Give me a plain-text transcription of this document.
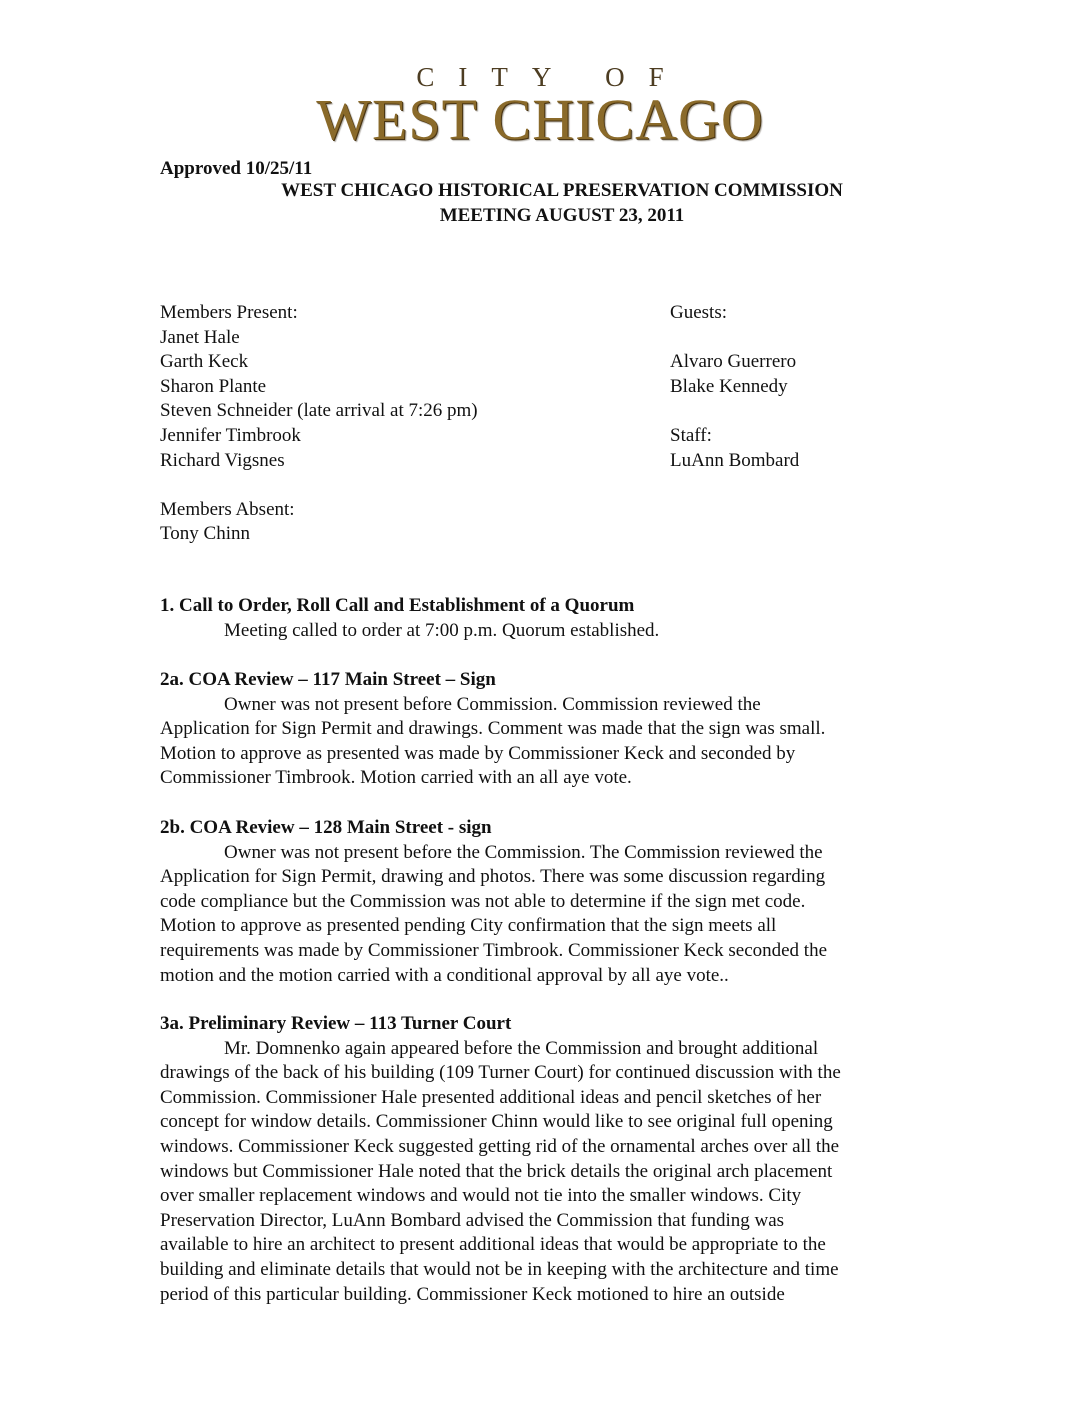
CITY OF
WEST CHICAGO
Approved 10/25/11
WEST CHICAGO HISTORICAL PRESERVATION COMMISSION
MEETING AUGUST 23, 2011
Members Present:
Janet Hale
Garth Keck
Sharon Plante
Steven Schneider (late arrival at 7:26 pm)
Jennifer Timbrook
Richard Vigsnes
Members Absent:
Tony Chinn
Guests:
Alvaro Guerrero
Blake Kennedy
Staff:
LuAnn Bombard
1. Call to Order, Roll Call and Establishment of a Quorum
Meeting called to order at 7:00 p.m. Quorum established.
2a. COA Review – 117 Main Street – Sign
Owner was not present before Commission. Commission reviewed the
Application for Sign Permit and drawings. Comment was made that the sign was small.
Motion to approve as presented was made by Commissioner Keck and seconded by
Commissioner Timbrook. Motion carried with an all aye vote.
2b. COA Review – 128 Main Street - sign
Owner was not present before the Commission. The Commission reviewed the
Application for Sign Permit, drawing and photos. There was some discussion regarding
code compliance but the Commission was not able to determine if the sign met code.
Motion to approve as presented pending City confirmation that the sign meets all
requirements was made by Commissioner Timbrook. Commissioner Keck seconded the
motion and the motion carried with a conditional approval by all aye vote..
3a. Preliminary Review – 113 Turner Court
Mr. Domnenko again appeared before the Commission and brought additional
drawings of the back of his building (109 Turner Court) for continued discussion with the
Commission. Commissioner Hale presented additional ideas and pencil sketches of her
concept for window details. Commissioner Chinn would like to see original full opening
windows. Commissioner Keck suggested getting rid of the ornamental arches over all the
windows but Commissioner Hale noted that the brick details the original arch placement
over smaller replacement windows and would not tie into the smaller windows. City
Preservation Director, LuAnn Bombard advised the Commission that funding was
available to hire an architect to present additional ideas that would be appropriate to the
building and eliminate details that would not be in keeping with the architecture and time
period of this particular building. Commissioner Keck motioned to hire an outside
